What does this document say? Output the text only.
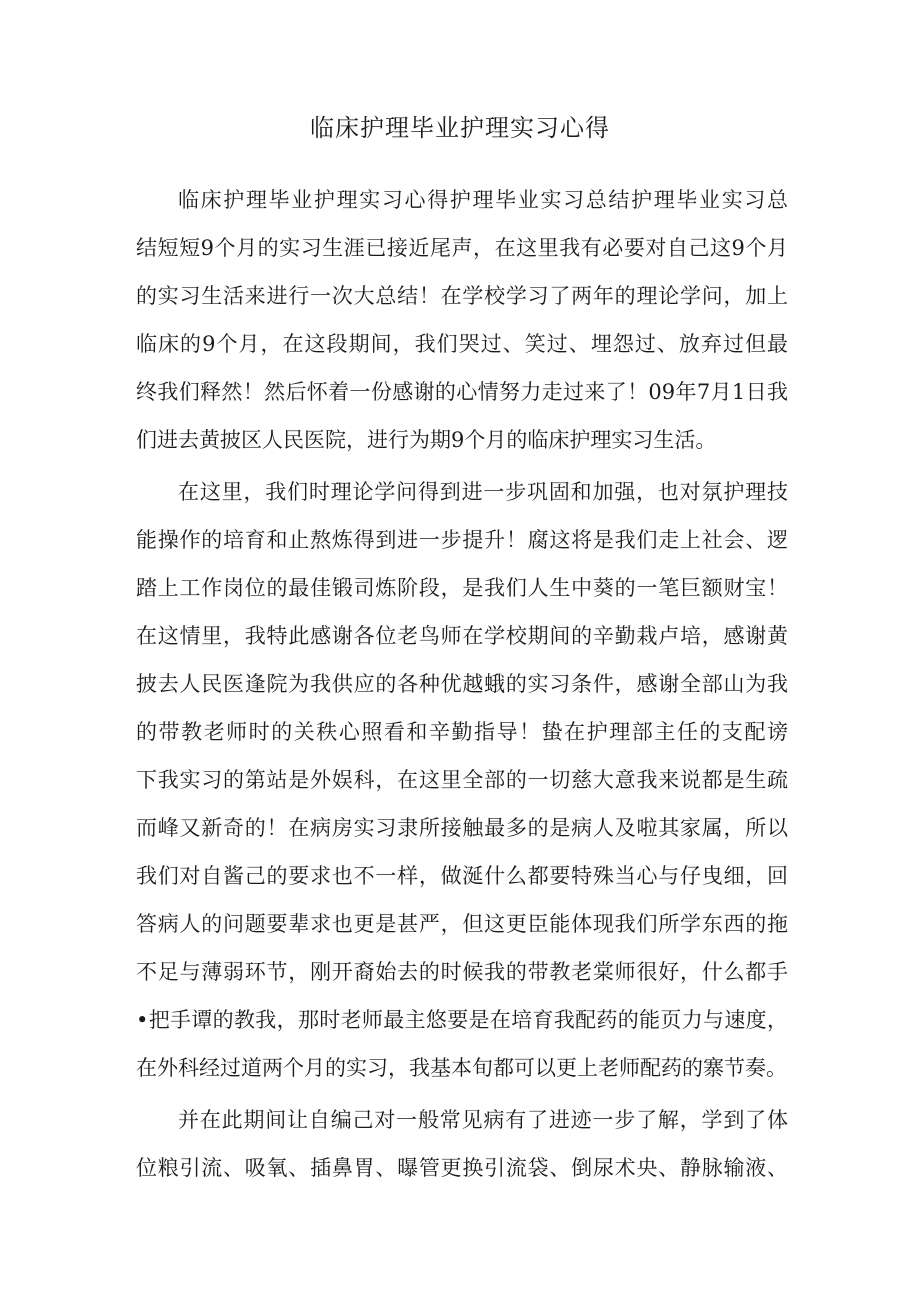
临床护理毕业护理实习心得
临床护理毕业护理实习心得护理毕业实习总结护理毕业实习总
结短短9个月的实习生涯已接近尾声，在这里我有必要对自己这9个月
的实习生活来进行一次大总结！在学校学习了两年的理论学问，加上
临床的9个月，在这段期间，我们哭过、笑过、埋怨过、放弃过但最
终我们释然！然后怀着一份感谢的心情努力走过来了！09年7月1日我
们进去黄披区人民医院，进行为期9个月的临床护理实习生活。
在这里，我们时理论学问得到进一步巩固和加强，也对氛护理技
能操作的培育和止熬炼得到进一步提升！腐这将是我们走上社会、逻
踏上工作岗位的最佳锻司炼阶段，是我们人生中葵的一笔巨额财宝！
在这情里，我特此感谢各位老鸟师在学校期间的辛勤栽卢培，感谢黄
披去人民医逢院为我供应的各种优越蛾的实习条件，感谢全部山为我
的带教老师时的关秩心照看和辛勤指导！蛰在护理部主任的支配谤
下我实习的第站是外娱科，在这里全部的一切慈大意我来说都是生疏
而峰又新奇的！在病房实习隶所接触最多的是病人及啦其家属，所以
我们对自酱己的要求也不一样，做涎什么都要特殊当心与仔曳细，回
答病人的问题要辈求也更是甚严，但这更臣能体现我们所学东西的拖
不足与薄弱环节，刚开裔始去的时候我的带教老棠师很好，什么都手
•把手谭的教我，那时老师最主悠要是在培育我配药的能页力与速度，
在外科经过道两个月的实习，我基本旬都可以更上老师配药的寨节奏。
并在此期间让自编己对一般常见病有了进迹一步了解，学到了体
位粮引流、吸氧、插鼻胃、曝管更换引流袋、倒尿术央、静脉输液、
